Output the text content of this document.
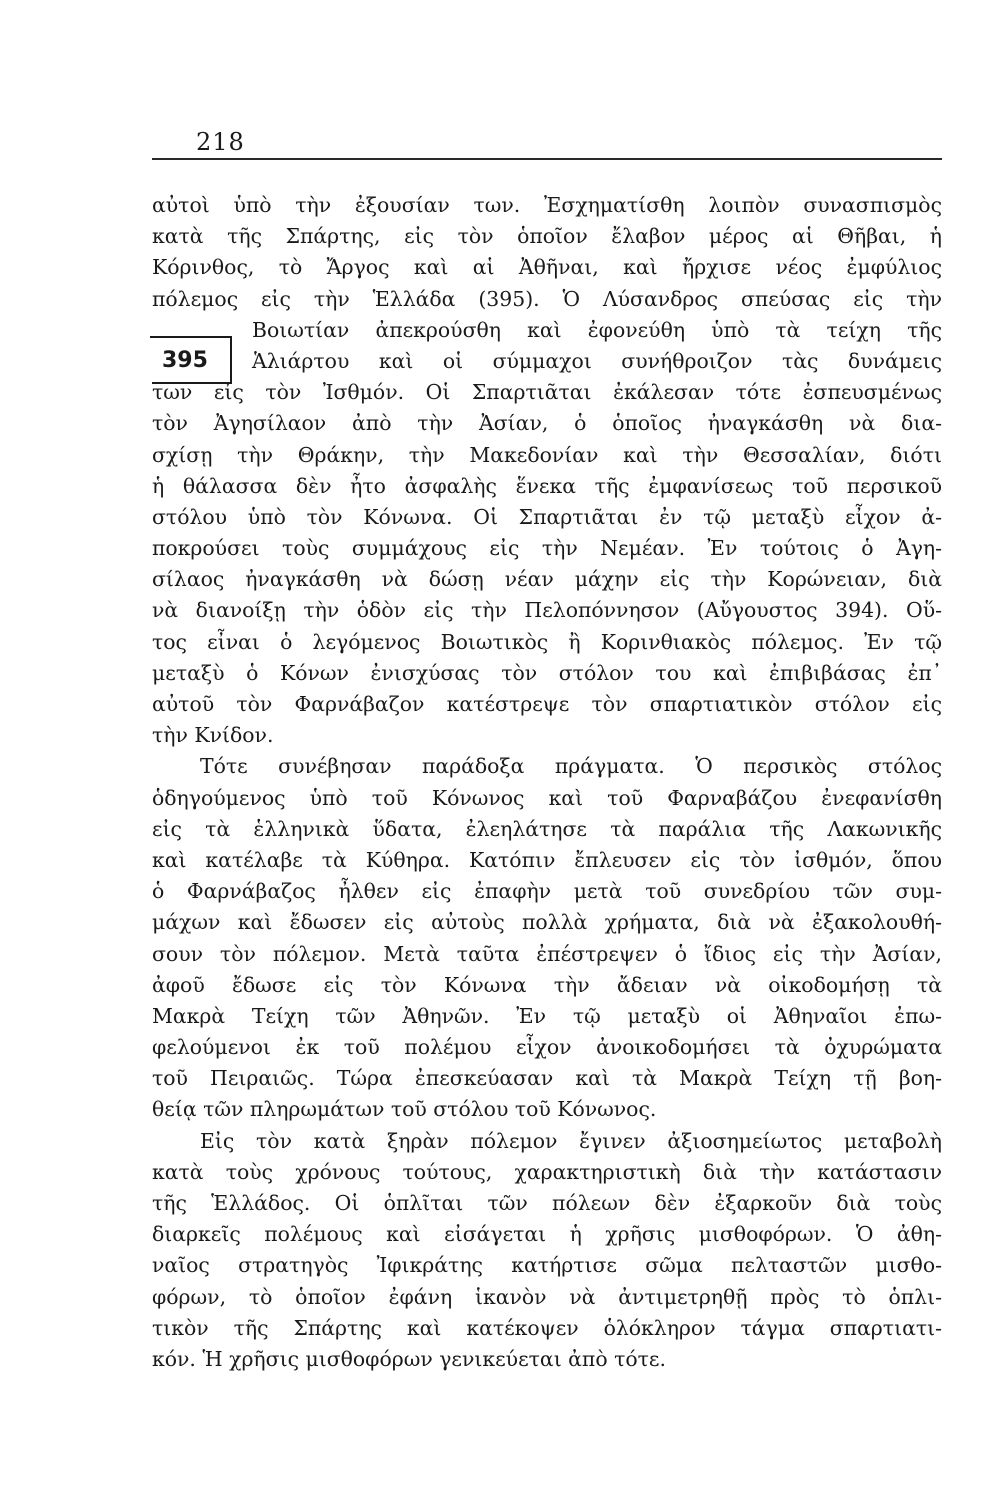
218
395
αὐτοὶ ὑπὸ τὴν ἐξουσίαν των. Ἐσχηματίσθη λοιπὸν συνασπισμὸς
κατὰ τῆς Σπάρτης, εἰς τὸν ὁποῖον ἔλαβον μέρος αἱ Θῆβαι, ἡ
Κόρινθος, τὸ Ἄργος καὶ αἱ Ἀθῆναι, καὶ ἤρχισε νέος ἐμφύλιος
πόλεμος εἰς τὴν Ἑλλάδα (395). Ὁ Λύσανδρος σπεύσας εἰς τὴν
Βοιωτίαν ἀπεκρούσθη καὶ ἐφονεύθη ὑπὸ τὰ τείχη τῆς
Ἁλιάρτου καὶ οἱ σύμμαχοι συνήθροιζον τὰς δυνάμεις
των εἰς τὸν Ἰσθμόν. Οἱ Σπαρτιᾶται ἐκάλεσαν τότε ἐσπευσμένως
τὸν Ἀγησίλαον ἀπὸ τὴν Ἀσίαν, ὁ ὁποῖος ἠναγκάσθη νὰ δια-
σχίσῃ τὴν Θράκην, τὴν Μακεδονίαν καὶ τὴν Θεσσαλίαν, διότι
ἡ θάλασσα δὲν ἦτο ἀσφαλὴς ἕνεκα τῆς ἐμφανίσεως τοῦ περσικοῦ
στόλου ὑπὸ τὸν Κόνωνα. Οἱ Σπαρτιᾶται ἐν τῷ μεταξὺ εἶχον ἀ-
ποκρούσει τοὺς συμμάχους εἰς τὴν Νεμέαν. Ἐν τούτοις ὁ Ἀγη-
σίλαος ἠναγκάσθη νὰ δώσῃ νέαν μάχην εἰς τὴν Κορώνειαν, διὰ
νὰ διανοίξῃ τὴν ὁδὸν εἰς τὴν Πελοπόννησον (Αὔγουστος 394). Οὕ-
τος εἶναι ὁ λεγόμενος Βοιωτικὸς ἢ Κορινθιακὸς πόλεμος. Ἐν τῷ
μεταξὺ ὁ Κόνων ἐνισχύσας τὸν στόλον του καὶ ἐπιβιβάσας ἐπ᾽
αὐτοῦ τὸν Φαρνάβαζον κατέστρεψε τὸν σπαρτιατικὸν στόλον εἰς
τὴν Κνίδον.
Τότε συνέβησαν παράδοξα πράγματα. Ὁ περσικὸς στόλος
ὁδηγούμενος ὑπὸ τοῦ Κόνωνος καὶ τοῦ Φαρναβάζου ἐνεφανίσθη
εἰς τὰ ἑλληνικὰ ὕδατα, ἐλεηλάτησε τὰ παράλια τῆς Λακωνικῆς
καὶ κατέλαβε τὰ Κύθηρα. Κατόπιν ἔπλευσεν εἰς τὸν ἰσθμόν, ὅπου
ὁ Φαρνάβαζος ἦλθεν εἰς ἐπαφὴν μετὰ τοῦ συνεδρίου τῶν συμ-
μάχων καὶ ἔδωσεν εἰς αὐτοὺς πολλὰ χρήματα, διὰ νὰ ἐξακολουθή-
σουν τὸν πόλεμον. Μετὰ ταῦτα ἐπέστρεψεν ὁ ἴδιος εἰς τὴν Ἀσίαν,
ἀφοῦ ἔδωσε εἰς τὸν Κόνωνα τὴν ἄδειαν νὰ οἰκοδομήσῃ τὰ
Μακρὰ Τείχη τῶν Ἀθηνῶν. Ἐν τῷ μεταξὺ οἱ Ἀθηναῖοι ἐπω-
φελούμενοι ἐκ τοῦ πολέμου εἶχον ἀνοικοδομήσει τὰ ὀχυρώματα
τοῦ Πειραιῶς. Τώρα ἐπεσκεύασαν καὶ τὰ Μακρὰ Τείχη τῇ βοη-
θείᾳ τῶν πληρωμάτων τοῦ στόλου τοῦ Κόνωνος.
Εἰς τὸν κατὰ ξηρὰν πόλεμον ἔγινεν ἀξιοσημείωτος μεταβολὴ
κατὰ τοὺς χρόνους τούτους, χαρακτηριστικὴ διὰ τὴν κατάστασιν
τῆς Ἑλλάδος. Οἱ ὁπλῖται τῶν πόλεων δὲν ἐξαρκοῦν διὰ τοὺς
διαρκεῖς πολέμους καὶ εἰσάγεται ἡ χρῆσις μισθοφόρων. Ὁ ἀθη-
ναῖος στρατηγὸς Ἰφικράτης κατήρτισε σῶμα πελταστῶν μισθο-
φόρων, τὸ ὁποῖον ἐφάνη ἱκανὸν νὰ ἀντιμετρηθῇ πρὸς τὸ ὁπλι-
τικὸν τῆς Σπάρτης καὶ κατέκοψεν ὁλόκληρον τάγμα σπαρτιατι-
κόν. Ἡ χρῆσις μισθοφόρων γενικεύεται ἀπὸ τότε.
